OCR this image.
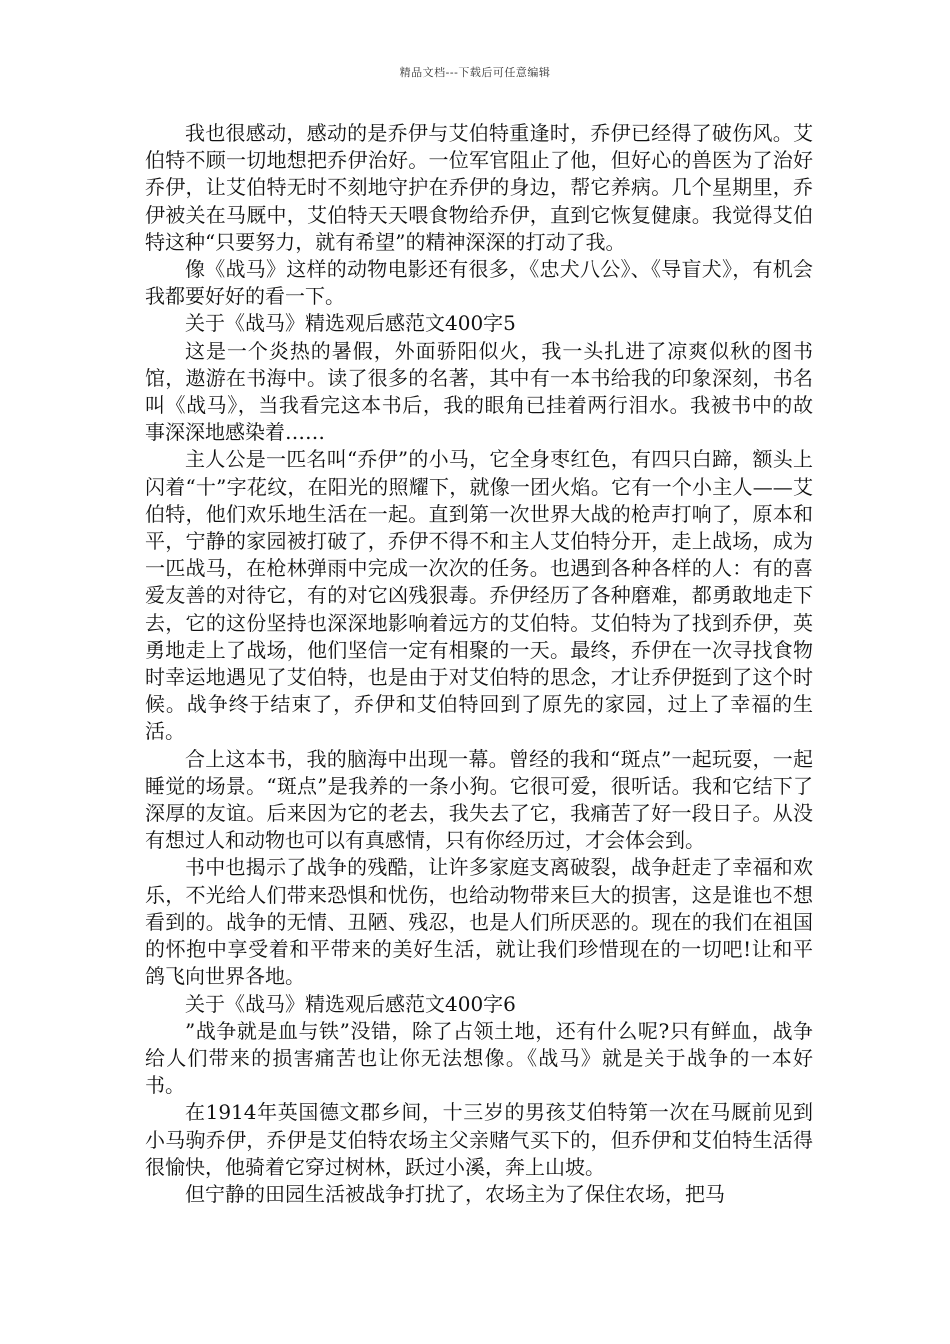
精品文档---下载后可任意编辑

我也很感动，感动的是乔伊与艾伯特重逢时，乔伊已经得了破伤风。艾伯特不顾一切地想把乔伊治好。一位军官阻止了他，但好心的兽医为了治好乔伊，让艾伯特无时不刻地守护在乔伊的身边，帮它养病。几个星期里，乔伊被关在马厩中，艾伯特天天喂食物给乔伊，直到它恢复健康。我觉得艾伯特这种“只要努力，就有希望”的精神深深的打动了我。

像《战马》这样的动物电影还有很多，《忠犬八公》、《导盲犬》，有机会我都要好好的看一下。

关于《战马》精选观后感范文400字5

这是一个炎热的暑假，外面骄阳似火，我一头扎进了凉爽似秋的图书馆，遨游在书海中。读了很多的名著，其中有一本书给我的印象深刻，书名叫《战马》，当我看完这本书后，我的眼角已挂着两行泪水。我被书中的故事深深地感染着……

主人公是一匹名叫“乔伊”的小马，它全身枣红色，有四只白蹄，额头上闪着“十”字花纹，在阳光的照耀下，就像一团火焰。它有一个小主人——艾伯特，他们欢乐地生活在一起。直到第一次世界大战的枪声打响了，原本和平，宁静的家园被打破了，乔伊不得不和主人艾伯特分开，走上战场，成为一匹战马，在枪林弹雨中完成一次次的任务。也遇到各种各样的人：有的喜爱友善的对待它，有的对它凶残狠毒。乔伊经历了各种磨难，都勇敢地走下去，它的这份坚持也深深地影响着远方的艾伯特。艾伯特为了找到乔伊，英勇地走上了战场，他们坚信一定有相聚的一天。最终，乔伊在一次寻找食物时幸运地遇见了艾伯特，也是由于对艾伯特的思念，才让乔伊挺到了这个时候。战争终于结束了，乔伊和艾伯特回到了原先的家园，过上了幸福的生活。

合上这本书，我的脑海中出现一幕。曾经的我和“斑点”一起玩耍，一起睡觉的场景。“斑点”是我养的一条小狗。它很可爱，很听话。我和它结下了深厚的友谊。后来因为它的老去，我失去了它，我痛苦了好一段日子。从没有想过人和动物也可以有真感情，只有你经历过，才会体会到。

书中也揭示了战争的残酷，让许多家庭支离破裂，战争赶走了幸福和欢乐，不光给人们带来恐惧和忧伤，也给动物带来巨大的损害，这是谁也不想看到的。战争的无情、丑陋、残忍，也是人们所厌恶的。现在的我们在祖国的怀抱中享受着和平带来的美好生活，就让我们珍惜现在的一切吧!让和平鸽飞向世界各地。

关于《战马》精选观后感范文400字6

”战争就是血与铁”没错，除了占领土地，还有什么呢?只有鲜血，战争给人们带来的损害痛苦也让你无法想像。《战马》就是关于战争的一本好书。

在1914年英国德文郡乡间，十三岁的男孩艾伯特第一次在马厩前见到小马驹乔伊，乔伊是艾伯特农场主父亲赌气买下的，但乔伊和艾伯特生活得很愉快，他骑着它穿过树林，跃过小溪，奔上山坡。

但宁静的田园生活被战争打扰了，农场主为了保住农场，把马
